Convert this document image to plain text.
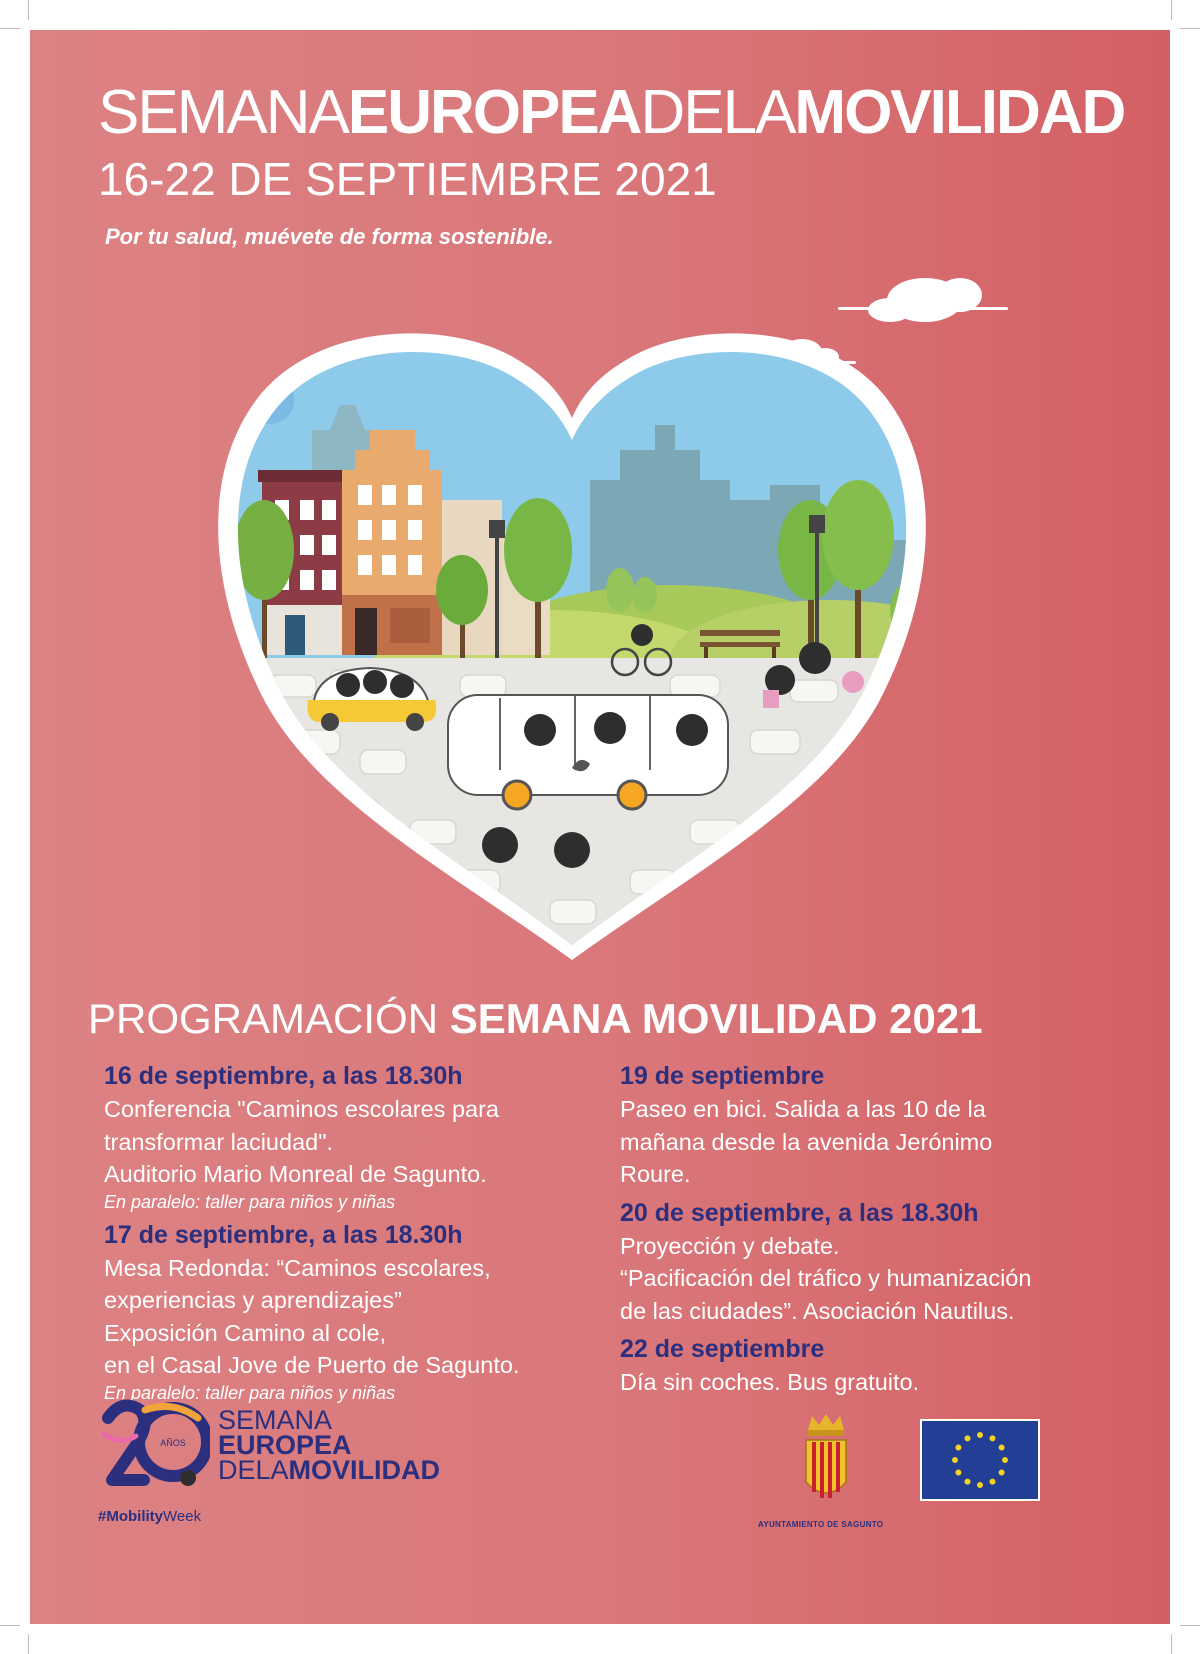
SEMANAEUROPEADELAMOVILIDAD
16-22 DE SEPTIEMBRE 2021
Por tu salud, muévete de forma sostenible.
PROGRAMACIÓN SEMANA MOVILIDAD 2021
16 de septiembre, a las 18.30h
Conferencia "Caminos escolares para
transformar laciudad".
Auditorio Mario Monreal de Sagunto.
En paralelo: taller para niños y niñas
17 de septiembre, a las 18.30h
Mesa Redonda: “Caminos escolares,
experiencias y aprendizajes”
Exposición Camino al cole,
en el Casal Jove de Puerto de Sagunto.
En paralelo: taller para niños y niñas
19 de septiembre
Paseo en bici. Salida a las 10 de la
mañana desde la avenida Jerónimo
Roure.
20 de septiembre, a las 18.30h
Proyección y debate.
“Pacificación del tráfico y humanización
de las ciudades”. Asociación Nautilus.
22 de septiembre
Día sin coches. Bus gratuito.
AÑOS
SEMANA
EUROPEA
DELAMOVILIDAD
#MobilityWeek	AYUNTAMIENTO DE SAGUNTO
